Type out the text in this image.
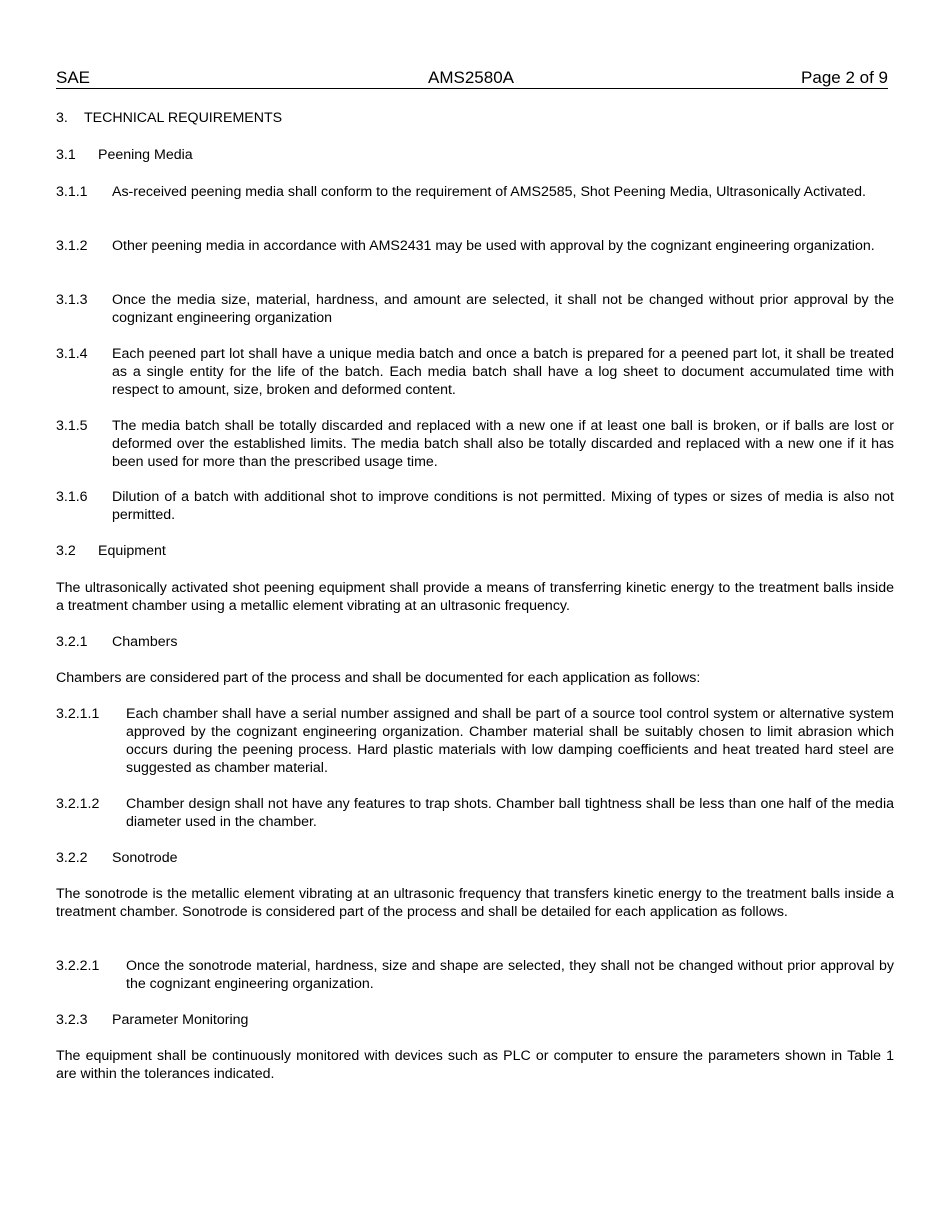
SAE	AMS2580A	Page 2 of 9
3. TECHNICAL REQUIREMENTS
3.1 Peening Media
3.1.1	As-received peening media shall conform to the requirement of AMS2585, Shot Peening Media, Ultrasonically Activated.
3.1.2	Other peening media in accordance with AMS2431 may be used with approval by the cognizant engineering organization.
3.1.3	Once the media size, material, hardness, and amount are selected, it shall not be changed without prior approval by the cognizant engineering organization
3.1.4	Each peened part lot shall have a unique media batch and once a batch is prepared for a peened part lot, it shall be treated as a single entity for the life of the batch. Each media batch shall have a log sheet to document accumulated time with respect to amount, size, broken and deformed content.
3.1.5	The media batch shall be totally discarded and replaced with a new one if at least one ball is broken, or if balls are lost or deformed over the established limits. The media batch shall also be totally discarded and replaced with a new one if it has been used for more than the prescribed usage time.
3.1.6	Dilution of a batch with additional shot to improve conditions is not permitted. Mixing of types or sizes of media is also not permitted.
3.2 Equipment
The ultrasonically activated shot peening equipment shall provide a means of transferring kinetic energy to the treatment balls inside a treatment chamber using a metallic element vibrating at an ultrasonic frequency.
3.2.1 Chambers
Chambers are considered part of the process and shall be documented for each application as follows:
3.2.1.1	Each chamber shall have a serial number assigned and shall be part of a source tool control system or alternative system approved by the cognizant engineering organization. Chamber material shall be suitably chosen to limit abrasion which occurs during the peening process. Hard plastic materials with low damping coefficients and heat treated hard steel are suggested as chamber material.
3.2.1.2	Chamber design shall not have any features to trap shots. Chamber ball tightness shall be less than one half of the media diameter used in the chamber.
3.2.2 Sonotrode
The sonotrode is the metallic element vibrating at an ultrasonic frequency that transfers kinetic energy to the treatment balls inside a treatment chamber. Sonotrode is considered part of the process and shall be detailed for each application as follows.
3.2.2.1	Once the sonotrode material, hardness, size and shape are selected, they shall not be changed without prior approval by the cognizant engineering organization.
3.2.3 Parameter Monitoring
The equipment shall be continuously monitored with devices such as PLC or computer to ensure the parameters shown in Table 1 are within the tolerances indicated.
